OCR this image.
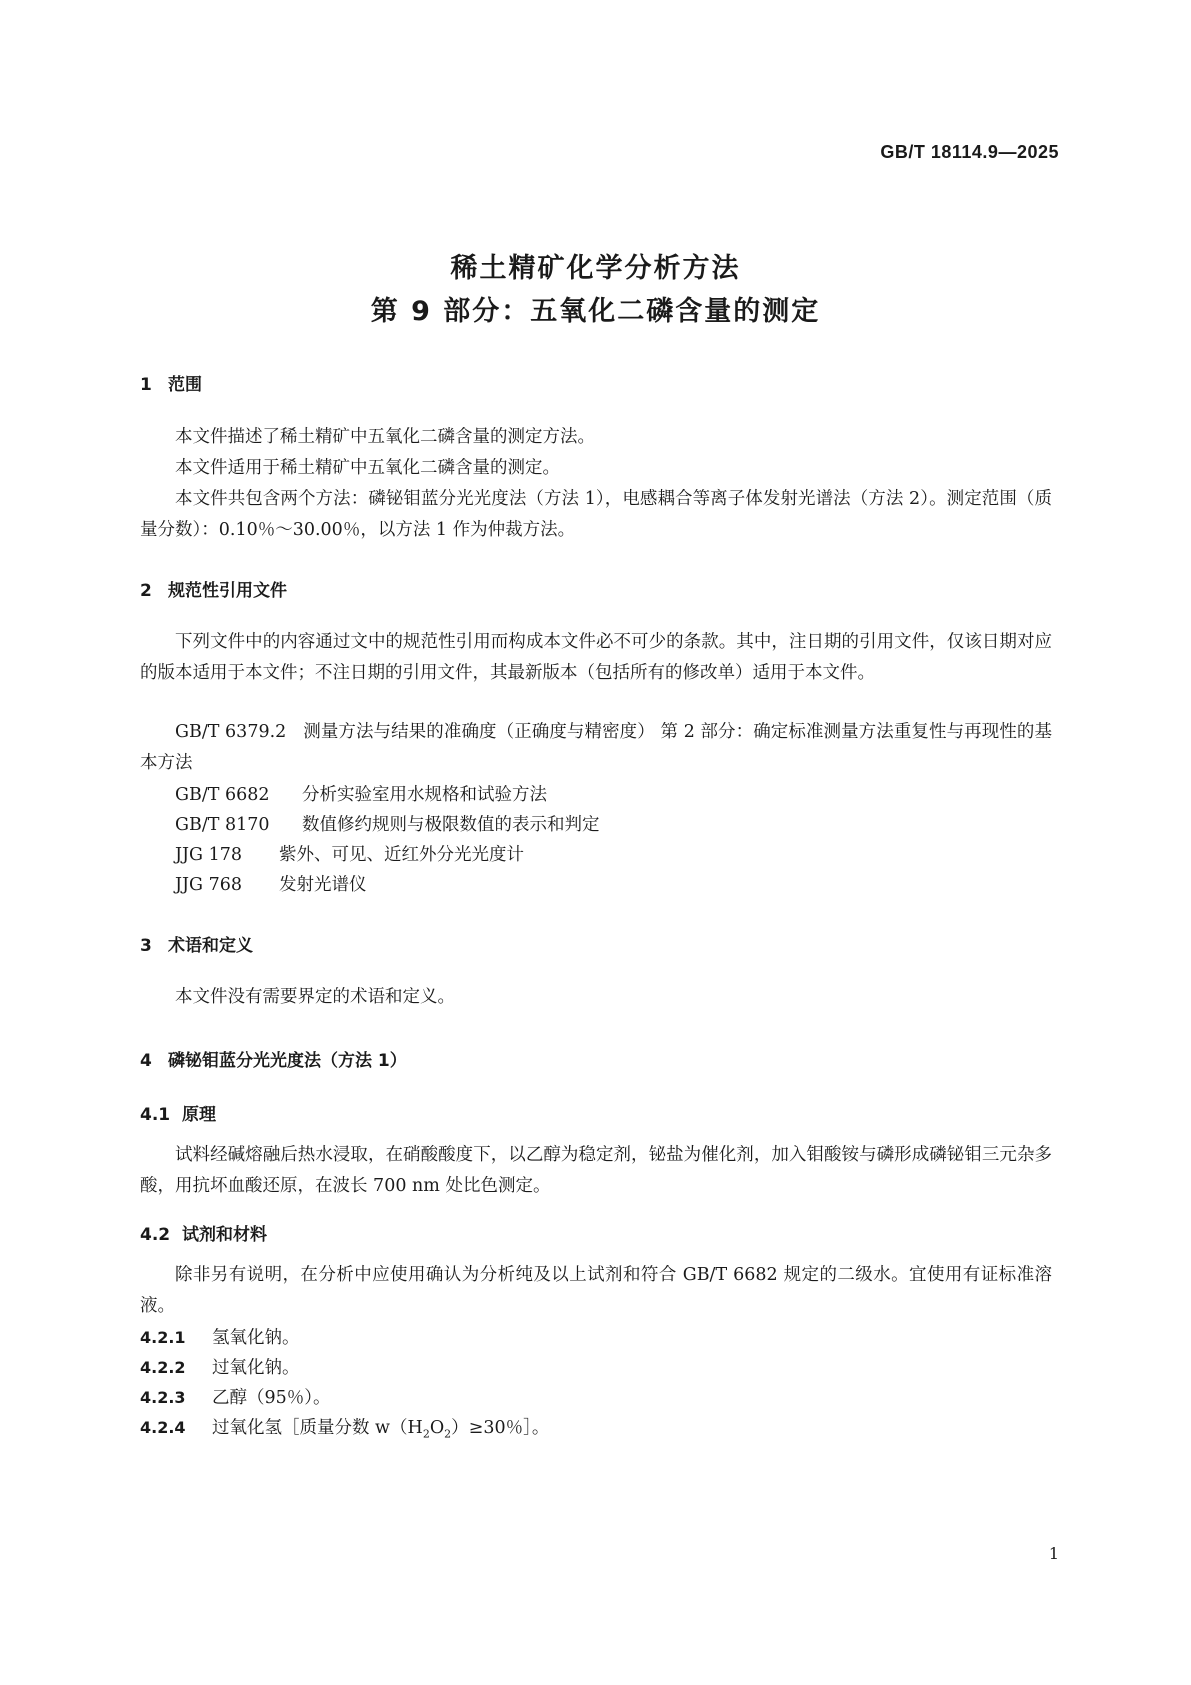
GB/T 18114.9—2025
稀土精矿化学分析方法
第 9 部分：五氧化二磷含量的测定
1 范围

本文件描述了稀土精矿中五氧化二磷含量的测定方法。

本文件适用于稀土精矿中五氧化二磷含量的测定。

本文件共包含两个方法：磷铋钼蓝分光光度法（方法 1），电感耦合等离子体发射光谱法（方法 2）。测定范围（质量分数）：0.10％～30.00％，以方法 1 作为仲裁方法。

2 规范性引用文件

下列文件中的内容通过文中的规范性引用而构成本文件必不可少的条款。其中，注日期的引用文件，仅该日期对应的版本适用于本文件；不注日期的引用文件，其最新版本（包括所有的修改单）适用于本文件。

GB/T 6379.2 测量方法与结果的准确度（正确度与精密度） 第 2 部分：确定标准测量方法重复性与再现性的基本方法

GB/T 6682 分析实验室用水规格和试验方法
GB/T 8170 数值修约规则与极限数值的表示和判定
JJG 178 紫外、可见、近红外分光光度计
JJG 768 发射光谱仪
3 术语和定义

本文件没有需要界定的术语和定义。

4 磷铋钼蓝分光光度法（方法 1）
4.1 原理

试料经碱熔融后热水浸取，在硝酸酸度下，以乙醇为稳定剂，铋盐为催化剂，加入钼酸铵与磷形成磷铋钼三元杂多酸，用抗坏血酸还原，在波长 700 nm 处比色测定。

4.2 试剂和材料

除非另有说明，在分析中应使用确认为分析纯及以上试剂和符合 GB/T 6682 规定的二级水。宜使用有证标准溶液。

4.2.1 氢氧化钠。
4.2.2 过氧化钠。
4.2.3 乙醇（95％）。
4.2.4 过氧化氢［质量分数 $w(H_2O_2)\ge 30$％］。
1
